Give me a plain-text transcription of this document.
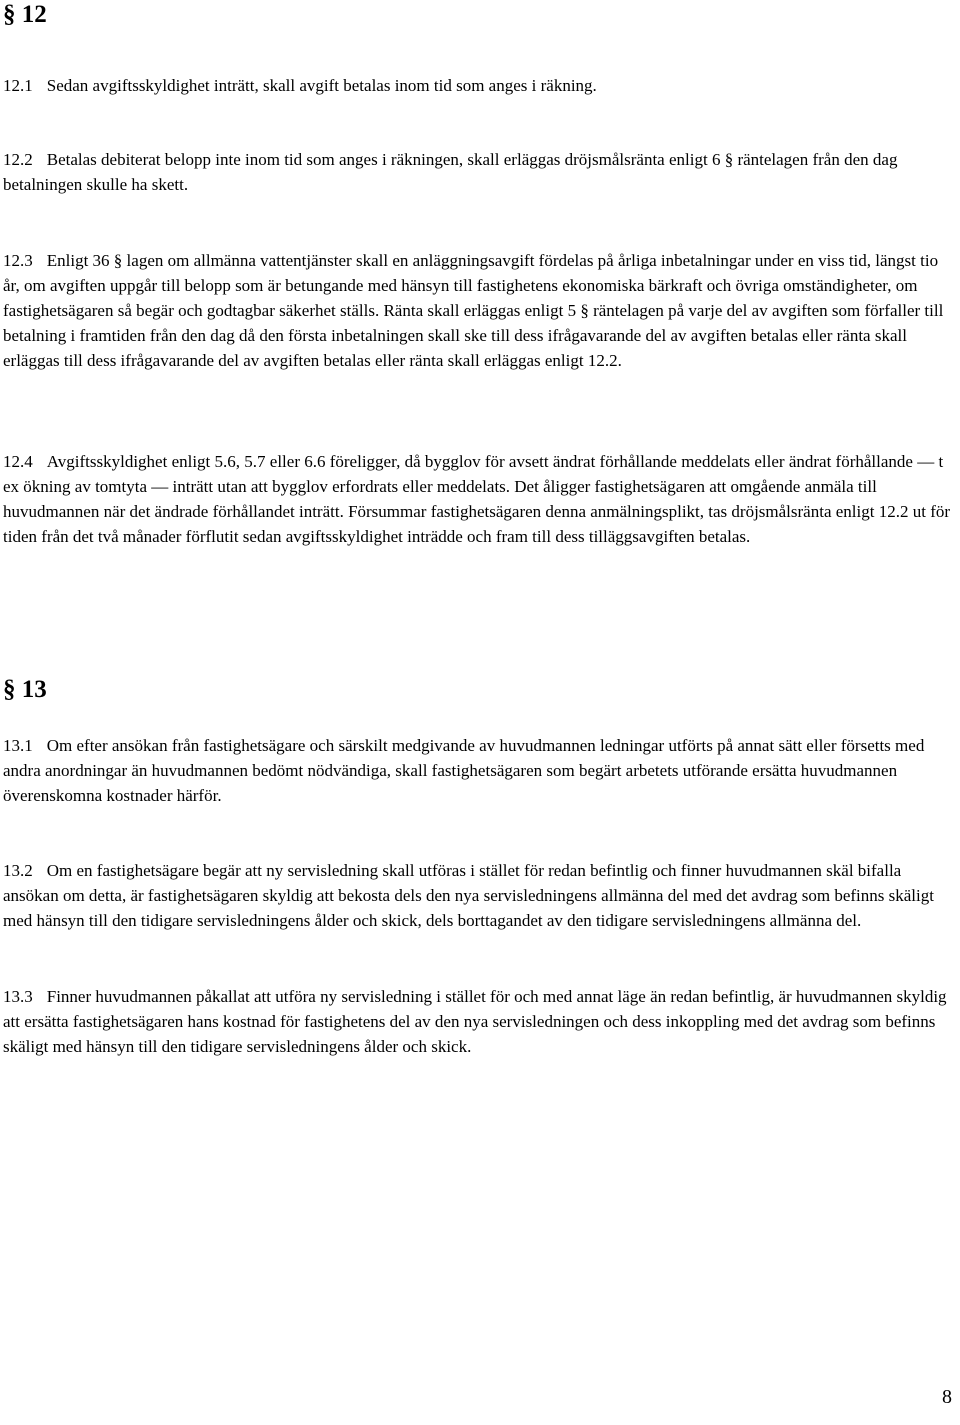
§ 12

12.1 Sedan avgiftsskyldighet inträtt, skall avgift betalas inom tid som anges i räkning.

12.2 Betalas debiterat belopp inte inom tid som anges i räkningen, skall erläggas dröjsmålsränta enligt 6 § räntelagen från den dag betalningen skulle ha skett.

12.3 Enligt 36 § lagen om allmänna vattentjänster skall en anläggningsavgift fördelas på årliga inbetalningar under en viss tid, längst tio år, om avgiften uppgår till belopp som är betungande med hänsyn till fastighetens ekonomiska bärkraft och övriga omständigheter, om fastighetsägaren så begär och godtagbar säkerhet ställs. Ränta skall erläggas enligt 5 § räntelagen på varje del av avgiften som förfaller till betalning i framtiden från den dag då den första inbetalningen skall ske till dess ifrågavarande del av avgiften betalas eller ränta skall erläggas till dess ifrågavarande del av avgiften betalas eller ränta skall erläggas enligt 12.2.

12.4 Avgiftsskyldighet enligt 5.6, 5.7 eller 6.6 föreligger, då bygglov för avsett ändrat förhållande meddelats eller ändrat förhållande — t ex ökning av tomtyta — inträtt utan att bygglov erfordrats eller meddelats. Det åligger fastighetsägaren att omgående anmäla till huvudmannen när det ändrade förhållandet inträtt. Försummar fastighetsägaren denna anmälningsplikt, tas dröjsmålsränta enligt 12.2 ut för tiden från det två månader förflutit sedan avgiftsskyldighet inträdde och fram till dess tilläggsavgiften betalas.

§ 13

13.1 Om efter ansökan från fastighetsägare och särskilt medgivande av huvudmannen ledningar utförts på annat sätt eller försetts med andra anordningar än huvudmannen bedömt nödvändiga, skall fastighetsägaren som begärt arbetets utförande ersätta huvudmannen överenskomna kostnader härför.

13.2 Om en fastighetsägare begär att ny servisledning skall utföras i stället för redan befintlig och finner huvudmannen skäl bifalla ansökan om detta, är fastighetsägaren skyldig att bekosta dels den nya servisledningens allmänna del med det avdrag som befinns skäligt med hänsyn till den tidigare servisledningens ålder och skick, dels borttagandet av den tidigare servisledningens allmänna del.

13.3 Finner huvudmannen påkallat att utföra ny servisledning i stället för och med annat läge än redan befintlig, är huvudmannen skyldig att ersätta fastighetsägaren hans kostnad för fastighetens del av den nya servisledningen och dess inkoppling med det avdrag som befinns skäligt med hänsyn till den tidigare servisledningens ålder och skick.

8
